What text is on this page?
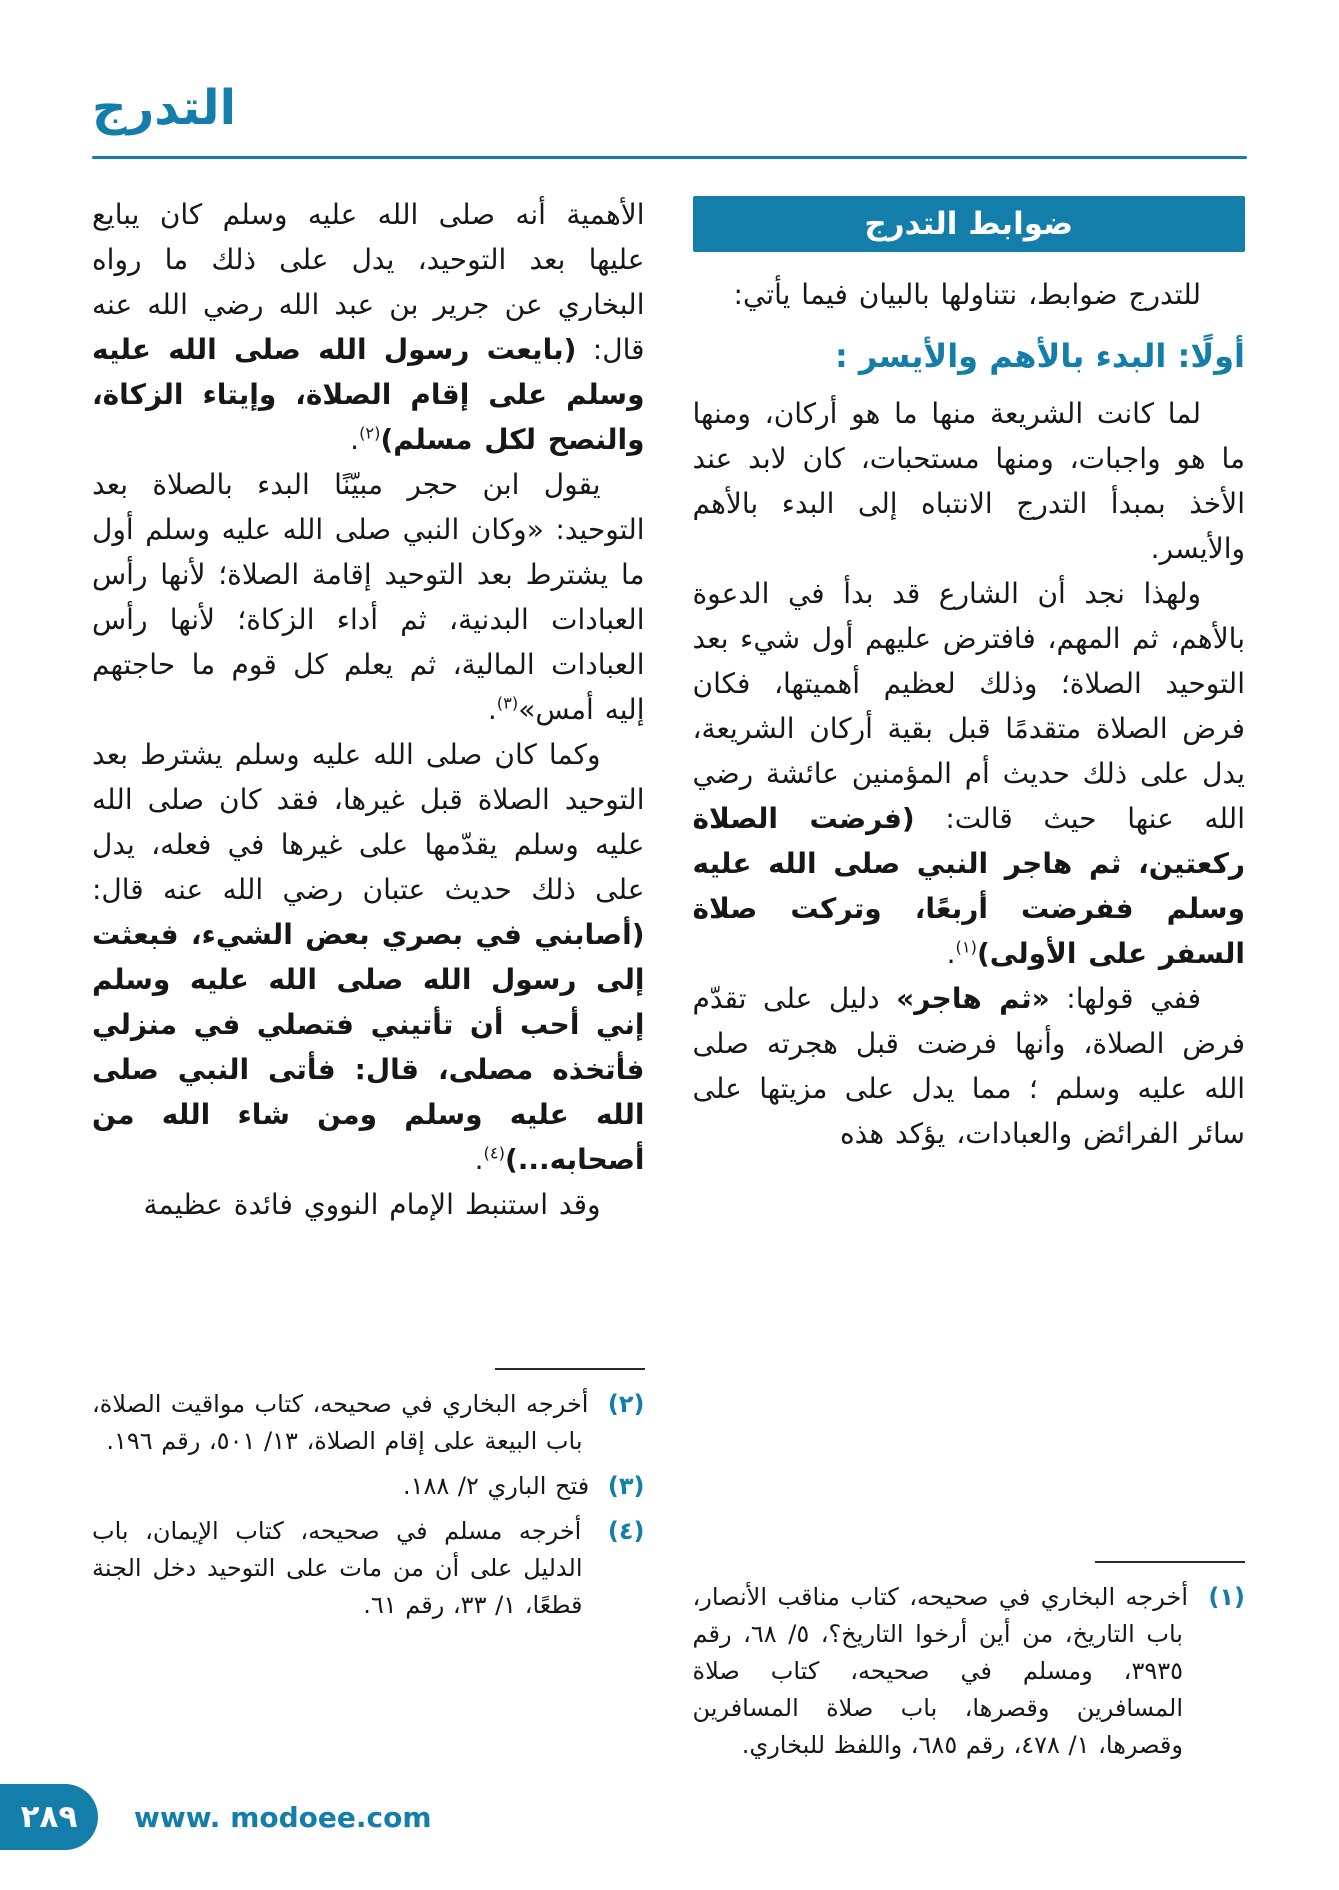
التدرج
ضوابط التدرج

للتدرج ضوابط، نتناولها بالبيان فيما يأتي:

أولًا: البدء بالأهم والأيسر :

لما كانت الشريعة منها ما هو أركان، ومنها ما هو واجبات، ومنها مستحبات، كان لابد عند الأخذ بمبدأ التدرج الانتباه إلى البدء بالأهم والأيسر.

ولهذا نجد أن الشارع قد بدأ في الدعوة بالأهم، ثم المهم، فافترض عليهم أول شيء بعد التوحيد الصلاة؛ وذلك لعظيم أهميتها، فكان فرض الصلاة متقدمًا قبل بقية أركان الشريعة، يدل على ذلك حديث أم المؤمنين عائشة رضي الله عنها حيث قالت: (فرضت الصلاة ركعتين، ثم هاجر النبي صلى الله عليه وسلم ففرضت أربعًا، وتركت صلاة السفر على الأولى)$^{(١)}$.

ففي قولها: «ثم هاجر» دليل على تقدّم فرض الصلاة، وأنها فرضت قبل هجرته صلى الله عليه وسلم ؛ مما يدل على مزيتها على سائر الفرائض والعبادات، يؤكد هذه

(١) أخرجه البخاري في صحيحه، كتاب مناقب الأنصار، باب التاريخ، من أين أرخوا التاريخ؟، ٥/ ٦٨، رقم ٣٩٣٥، ومسلم في صحيحه، كتاب صلاة المسافرين وقصرها، باب صلاة المسافرين وقصرها، ١/ ٤٧٨، رقم ٦٨٥، واللفظ للبخاري.

الأهمية أنه صلى الله عليه وسلم كان يبايع عليها بعد التوحيد، يدل على ذلك ما رواه البخاري عن جرير بن عبد الله رضي الله عنه قال: (بايعت رسول الله صلى الله عليه وسلم على إقام الصلاة، وإيتاء الزكاة، والنصح لكل مسلم)$^{(٢)}$.

يقول ابن حجر مبيّنًا البدء بالصلاة بعد التوحيد: «وكان النبي صلى الله عليه وسلم أول ما يشترط بعد التوحيد إقامة الصلاة؛ لأنها رأس العبادات البدنية، ثم أداء الزكاة؛ لأنها رأس العبادات المالية، ثم يعلم كل قوم ما حاجتهم إليه أمس»$^{(٣)}$.

وكما كان صلى الله عليه وسلم يشترط بعد التوحيد الصلاة قبل غيرها، فقد كان صلى الله عليه وسلم يقدّمها على غيرها في فعله، يدل على ذلك حديث عتبان رضي الله عنه قال: (أصابني في بصري بعض الشيء، فبعثت إلى رسول الله صلى الله عليه وسلم إني أحب أن تأتيني فتصلي في منزلي فأتخذه مصلى، قال: فأتى النبي صلى الله عليه وسلم ومن شاء الله من أصحابه...)$^{(٤)}$.

وقد استنبط الإمام النووي فائدة عظيمة

(٢) أخرجه البخاري في صحيحه، كتاب مواقيت الصلاة، باب البيعة على إقام الصلاة، ١٣/ ٥٠١، رقم ١٩٦.
(٣) فتح الباري ٢/ ١٨٨.
(٤) أخرجه مسلم في صحيحه، كتاب الإيمان، باب الدليل على أن من مات على التوحيد دخل الجنة قطعًا، ١/ ٣٣، رقم ٦١.
٢٨٩ www. modoee.com
